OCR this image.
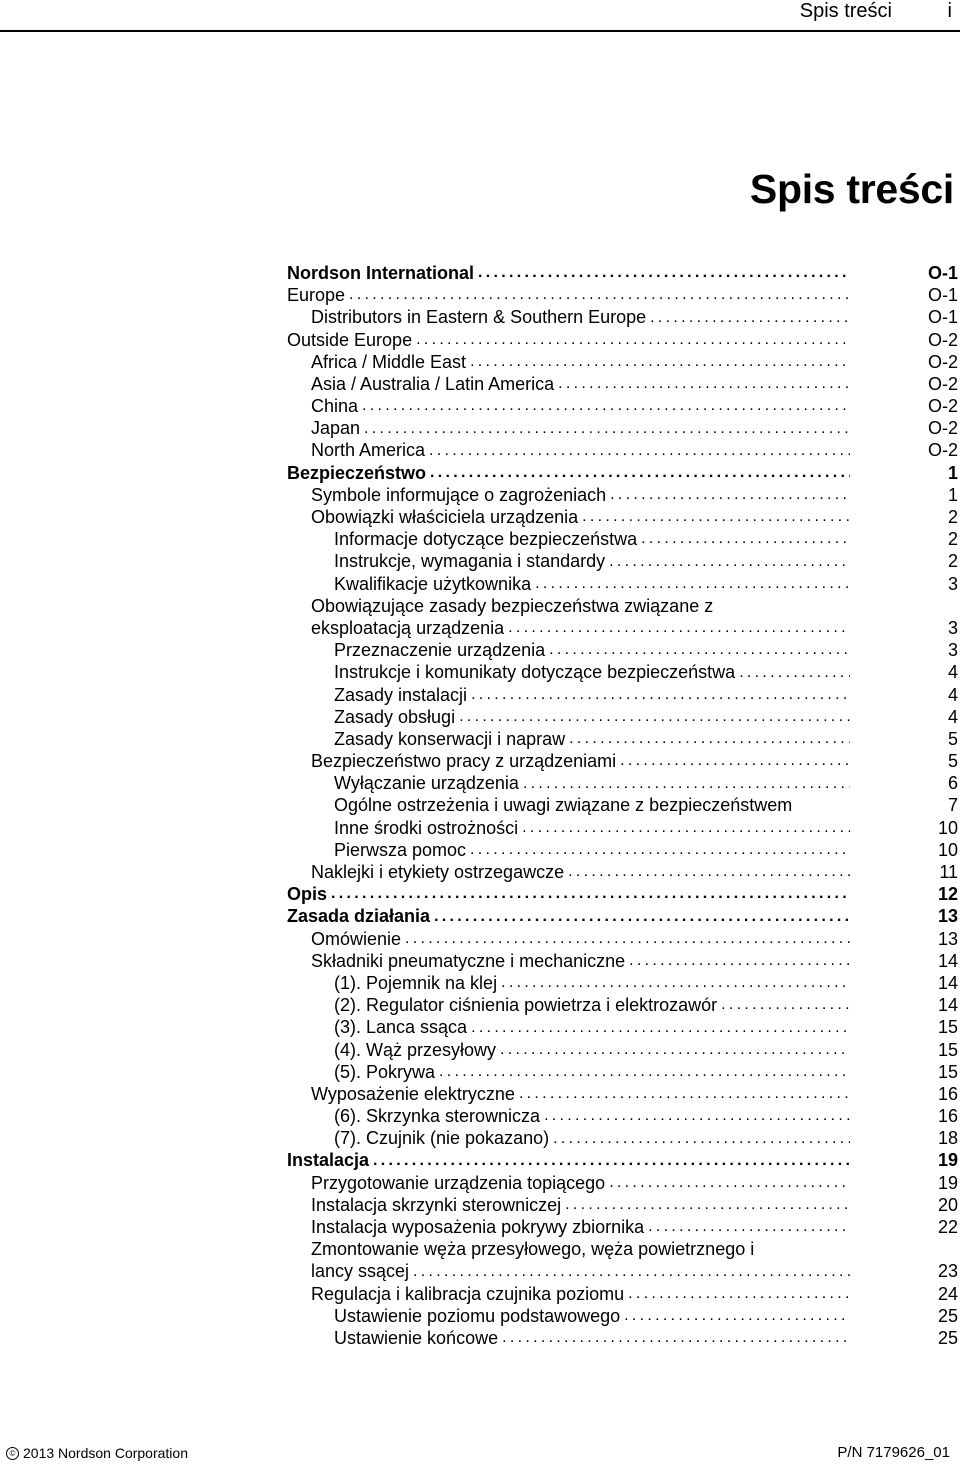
Spis treści	i
Spis treści
Nordson International .....	O-1
Europe .....	O-1
Distributors in Eastern & Southern Europe .....	O-1
Outside Europe .....	O-2
Africa / Middle East .....	O-2
Asia / Australia / Latin America .....	O-2
China .....	O-2
Japan .....	O-2
North America .....	O-2
Bezpieczeństwo .....	1
Symbole informujące o zagrożeniach .....	1
Obowiązki właściciela urządzenia .....	2
Informacje dotyczące bezpieczeństwa .....	2
Instrukcje, wymagania i standardy .....	2
Kwalifikacje użytkownika .....	3
Obowiązujące zasady bezpieczeństwa związane z
eksploatacją urządzenia .....	3
Przeznaczenie urządzenia .....	3
Instrukcje i komunikaty dotyczące bezpieczeństwa .....	4
Zasady instalacji .....	4
Zasady obsługi .....	4
Zasady konserwacji i napraw .....	5
Bezpieczeństwo pracy z urządzeniami .....	5
Wyłączanie urządzenia .....	6
Ogólne ostrzeżenia i uwagi związane z bezpieczeństwem	7
Inne środki ostrożności .....	10
Pierwsza pomoc .....	10
Naklejki i etykiety ostrzegawcze .....	11
Opis .....	12
Zasada działania .....	13
Omówienie .....	13
Składniki pneumatyczne i mechaniczne .....	14
(1). Pojemnik na klej .....	14
(2). Regulator ciśnienia powietrza i elektrozawór .....	14
(3). Lanca ssąca .....	15
(4). Wąż przesyłowy .....	15
(5). Pokrywa .....	15
Wyposażenie elektryczne .....	16
(6). Skrzynka sterownicza .....	16
(7). Czujnik (nie pokazano) .....	18
Instalacja .....	19
Przygotowanie urządzenia topiącego .....	19
Instalacja skrzynki sterowniczej .....	20
Instalacja wyposażenia pokrywy zbiornika .....	22
Zmontowanie węża przesyłowego, węża powietrznego i
lancy ssącej .....	23
Regulacja i kalibracja czujnika poziomu .....	24
Ustawienie poziomu podstawowego .....	25
Ustawienie końcowe .....	25
© 2013 Nordson Corporation	P/N 7179626_01
